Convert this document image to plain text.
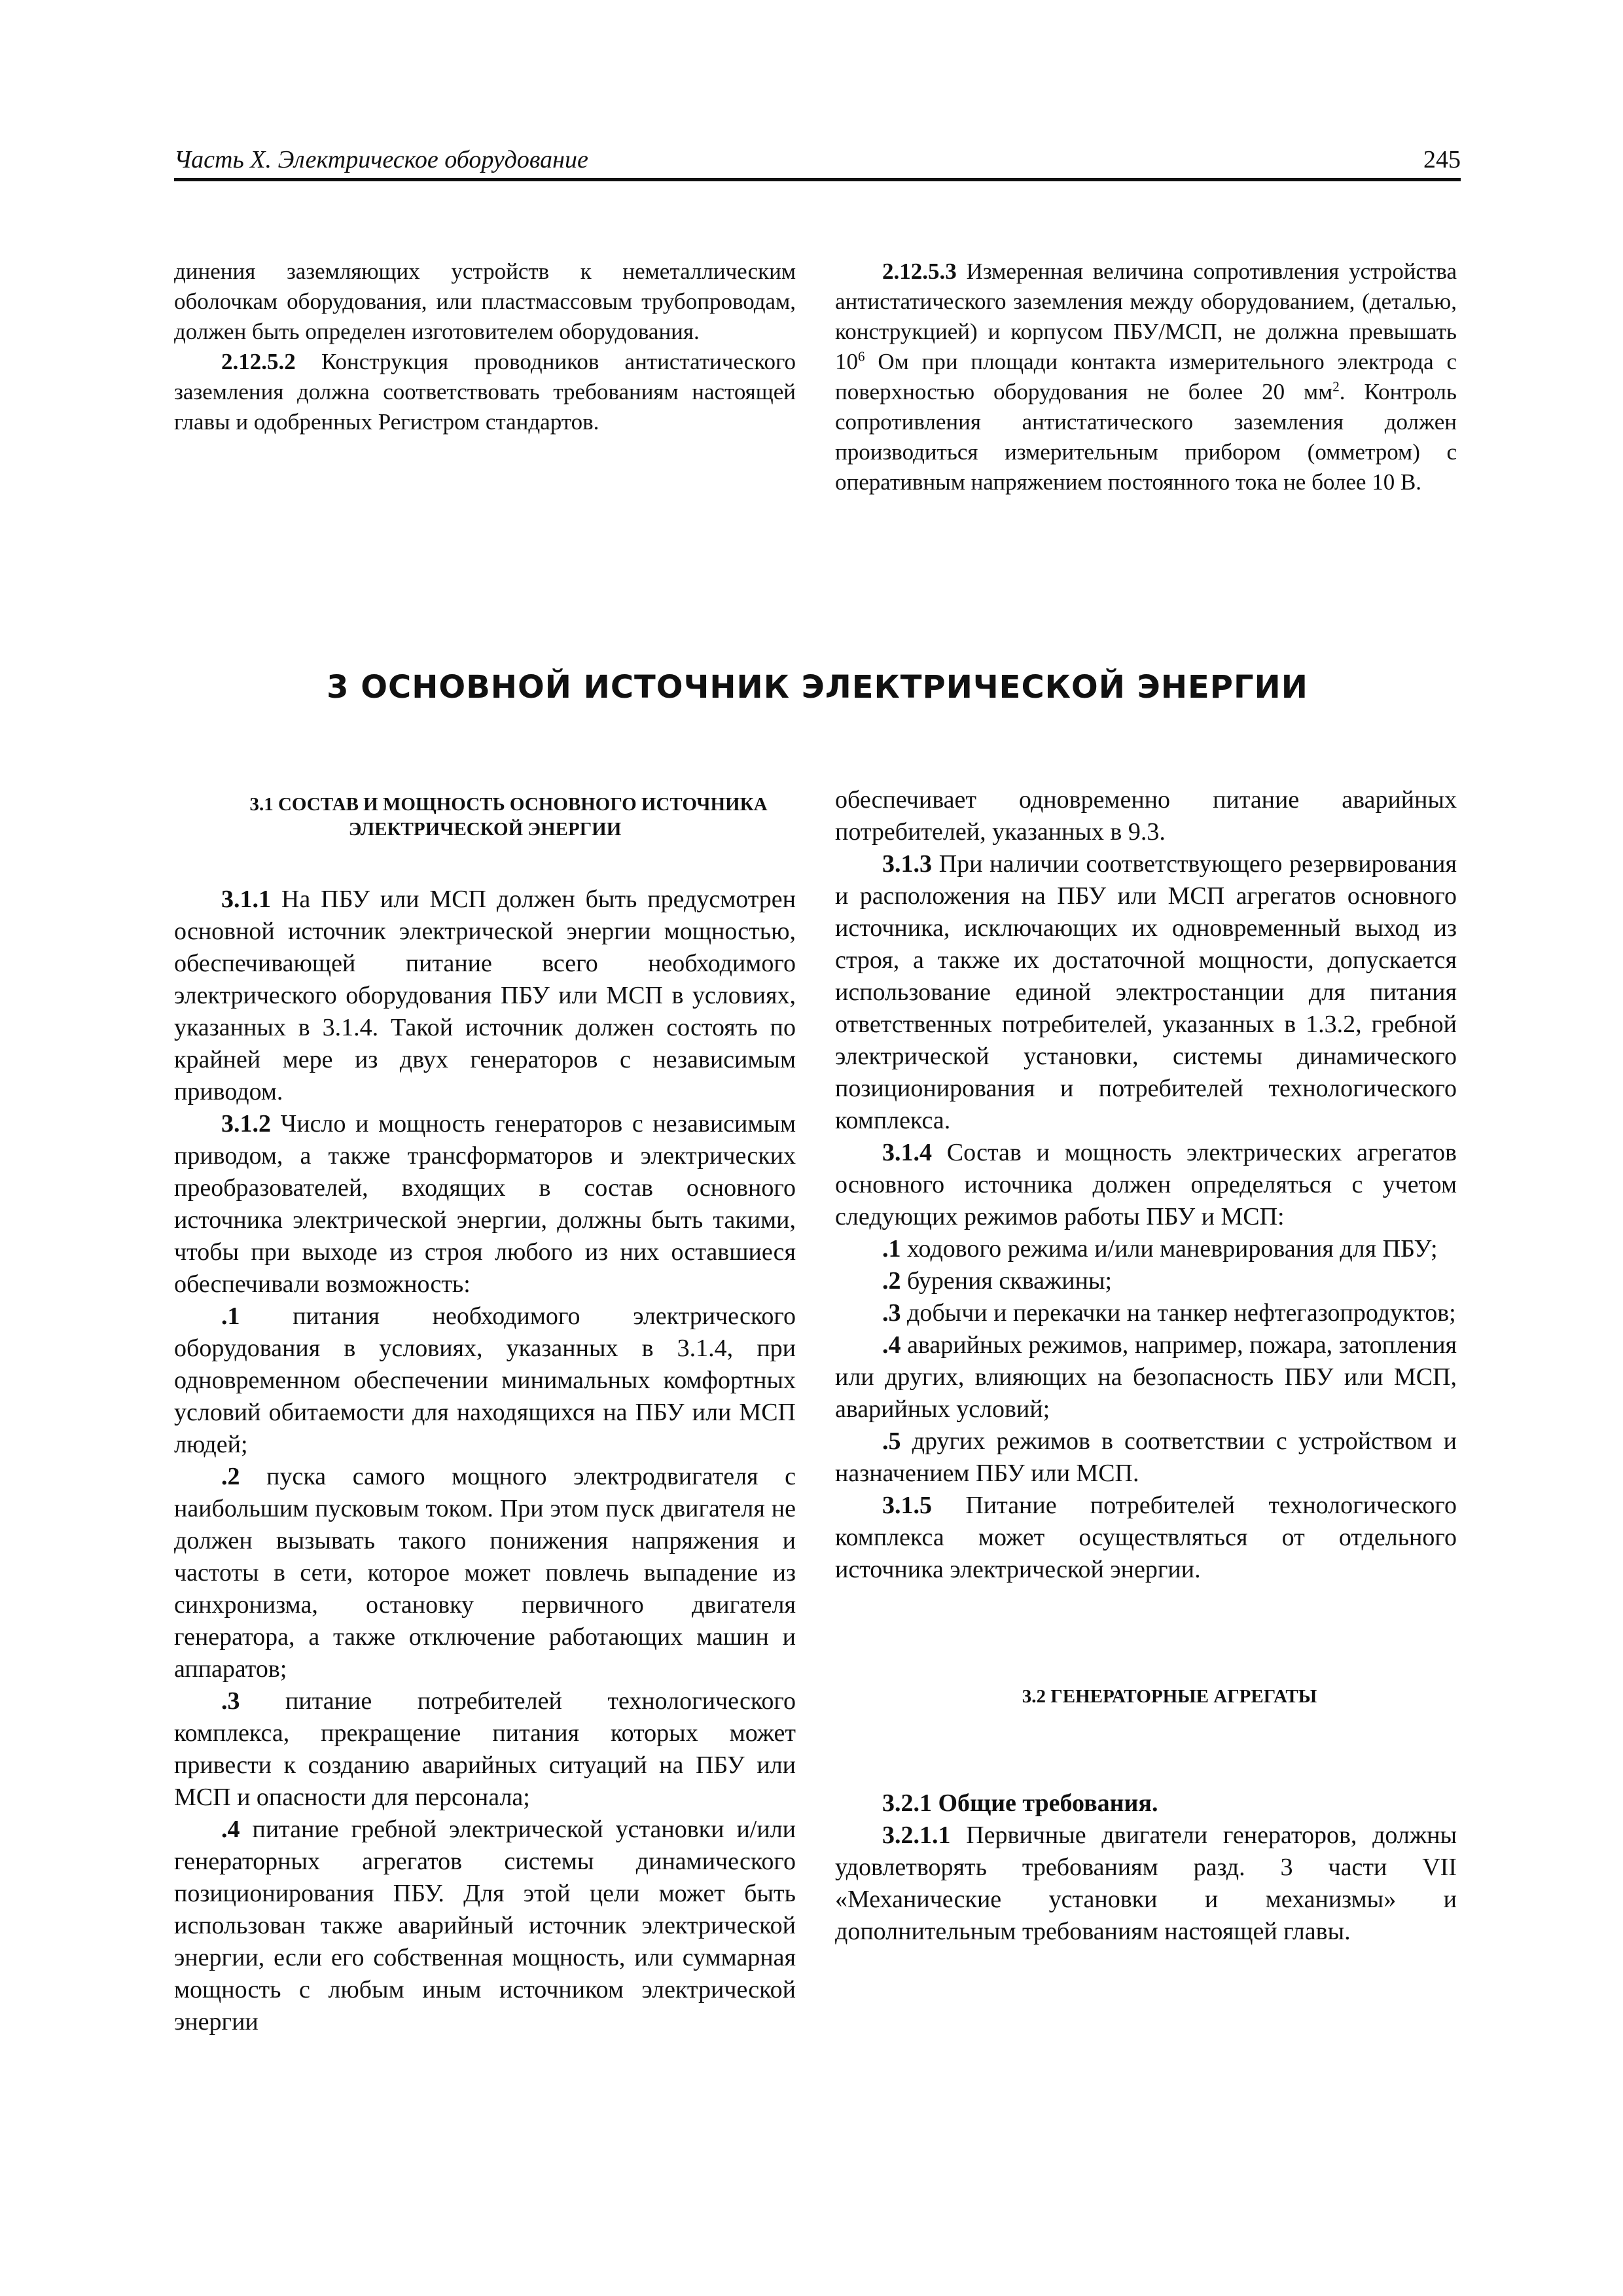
Часть X. Электрическое оборудование	245

динения заземляющих устройств к неметаллическим оболочкам оборудования, или пластмассовым трубопроводам, должен быть определен изготовителем оборудования.

2.12.5.2 Конструкция проводников антистатического заземления должна соответствовать требованиям настоящей главы и одобренных Регистром стандартов.

2.12.5.3 Измеренная величина сопротивления устройства антистатического заземления между оборудованием, (деталью, конструкцией) и корпусом ПБУ/МСП, не должна превышать $10^6$ Ом при площади контакта измерительного электрода с поверхностью оборудования не более 20 $мм^2$. Контроль сопротивления антистатического заземления должен производиться измерительным прибором (омметром) с оперативным напряжением постоянного тока не более 10 В.

3 ОСНОВНОЙ ИСТОЧНИК ЭЛЕКТРИЧЕСКОЙ ЭНЕРГИИ

3.1 СОСТАВ И МОЩНОСТЬ ОСНОВНОГО ИСТОЧНИКА
ЭЛЕКТРИЧЕСКОЙ ЭНЕРГИИ

3.1.1 На ПБУ или МСП должен быть предусмотрен основной источник электрической энергии мощностью, обеспечивающей питание всего необходимого электрического оборудования ПБУ или МСП в условиях, указанных в 3.1.4. Такой источник должен состоять по крайней мере из двух генераторов с независимым приводом.

3.1.2 Число и мощность генераторов с независимым приводом, а также трансформаторов и электрических преобразователей, входящих в состав основного источника электрической энергии, должны быть такими, чтобы при выходе из строя любого из них оставшиеся обеспечивали возможность:

.1 питания необходимого электрического оборудования в условиях, указанных в 3.1.4, при одновременном обеспечении минимальных комфортных условий обитаемости для находящихся на ПБУ или МСП людей;

.2 пуска самого мощного электродвигателя с наибольшим пусковым током. При этом пуск двигателя не должен вызывать такого понижения напряжения и частоты в сети, которое может повлечь выпадение из синхронизма, остановку первичного двигателя генератора, а также отключение работающих машин и аппаратов;

.3 питание потребителей технологического комплекса, прекращение питания которых может привести к созданию аварийных ситуаций на ПБУ или МСП и опасности для персонала;

.4 питание гребной электрической установки и/или генераторных агрегатов системы динамического позиционирования ПБУ. Для этой цели может быть использован также аварийный источник электрической энергии, если его собственная мощность, или суммарная мощность с любым иным источником электрической энергии

обеспечивает одновременно питание аварийных потребителей, указанных в 9.3.

3.1.3 При наличии соответствующего резервирования и расположения на ПБУ или МСП агрегатов основного источника, исключающих их одновременный выход из строя, а также их достаточной мощности, допускается использование единой электростанции для питания ответственных потребителей, указанных в 1.3.2, гребной электрической установки, системы динамического позиционирования и потребителей технологического комплекса.

3.1.4 Состав и мощность электрических агрегатов основного источника должен определяться с учетом следующих режимов работы ПБУ и МСП:

.1 ходового режима и/или маневрирования для ПБУ;

.2 бурения скважины;

.3 добычи и перекачки на танкер нефтегазопродуктов;

.4 аварийных режимов, например, пожара, затопления или других, влияющих на безопасность ПБУ или МСП, аварийных условий;

.5 других режимов в соответствии с устройством и назначением ПБУ или МСП.

3.1.5 Питание потребителей технологического комплекса может осуществляться от отдельного источника электрической энергии.

3.2 ГЕНЕРАТОРНЫЕ АГРЕГАТЫ

3.2.1 Общие требования.

3.2.1.1 Первичные двигатели генераторов, должны удовлетворять требованиям разд. 3 части VII «Механические установки и механизмы» и дополнительным требованиям настоящей главы.
